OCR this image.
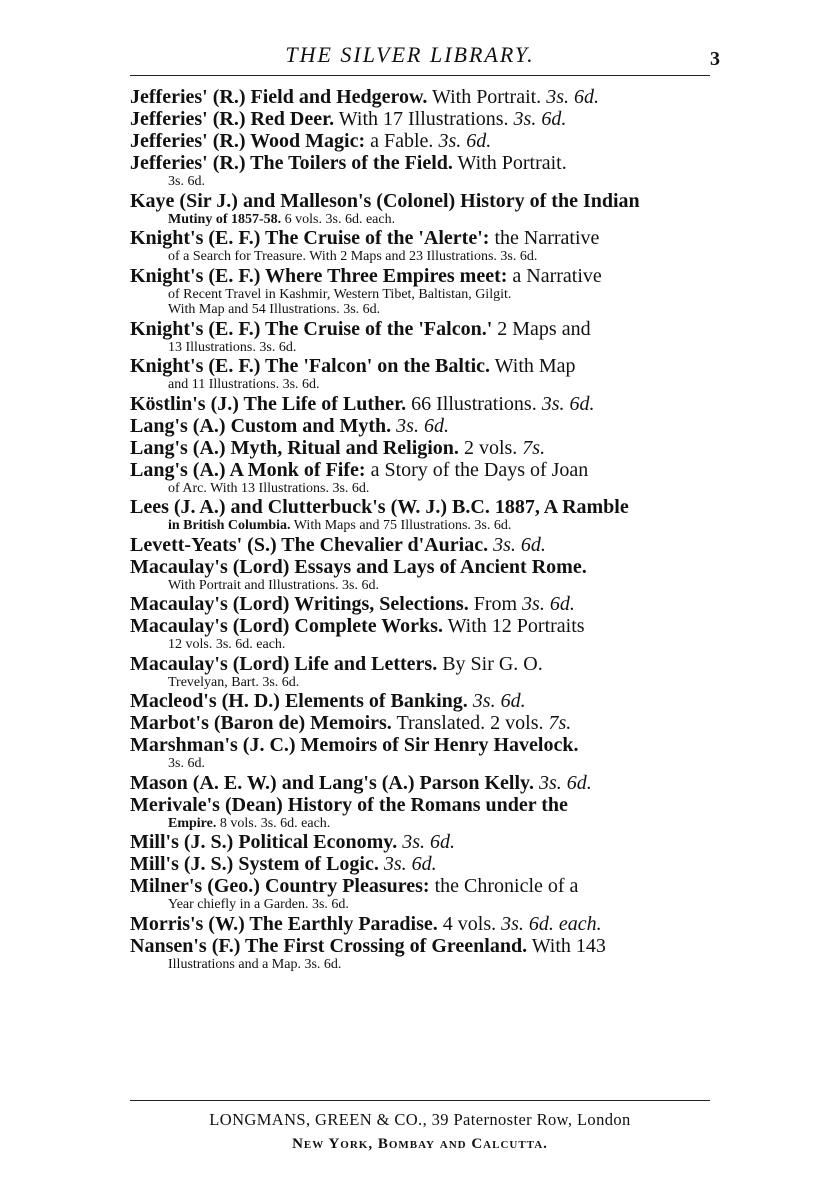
THE SILVER LIBRARY.	3
Jefferies' (R.) Field and Hedgerow. With Portrait. 3s. 6d.
Jefferies' (R.) Red Deer. With 17 Illustrations. 3s. 6d.
Jefferies' (R.) Wood Magic: a Fable. 3s. 6d.
Jefferies' (R.) The Toilers of the Field. With Portrait.
3s. 6d.
Kaye (Sir J.) and Malleson's (Colonel) History of the Indian
Mutiny of 1857-58. 6 vols. 3s. 6d. each.
Knight's (E. F.) The Cruise of the 'Alerte': the Narrative
of a Search for Treasure. With 2 Maps and 23 Illustrations. 3s. 6d.
Knight's (E. F.) Where Three Empires meet: a Narrative
of Recent Travel in Kashmir, Western Tibet, Baltistan, Gilgit.
With Map and 54 Illustrations. 3s. 6d.
Knight's (E. F.) The Cruise of the 'Falcon.' 2 Maps and
13 Illustrations. 3s. 6d.
Knight's (E. F.) The 'Falcon' on the Baltic. With Map
and 11 Illustrations. 3s. 6d.
Köstlin's (J.) The Life of Luther. 66 Illustrations. 3s. 6d.
Lang's (A.) Custom and Myth. 3s. 6d.
Lang's (A.) Myth, Ritual and Religion. 2 vols. 7s.
Lang's (A.) A Monk of Fife: a Story of the Days of Joan
of Arc. With 13 Illustrations. 3s. 6d.
Lees (J. A.) and Clutterbuck's (W. J.) B.C. 1887, A Ramble
in British Columbia. With Maps and 75 Illustrations. 3s. 6d.
Levett-Yeats' (S.) The Chevalier d'Auriac. 3s. 6d.
Macaulay's (Lord) Essays and Lays of Ancient Rome.
With Portrait and Illustrations. 3s. 6d.
Macaulay's (Lord) Writings, Selections. From 3s. 6d.
Macaulay's (Lord) Complete Works. With 12 Portraits
12 vols. 3s. 6d. each.
Macaulay's (Lord) Life and Letters. By Sir G. O.
Trevelyan, Bart. 3s. 6d.
Macleod's (H. D.) Elements of Banking. 3s. 6d.
Marbot's (Baron de) Memoirs. Translated. 2 vols. 7s.
Marshman's (J. C.) Memoirs of Sir Henry Havelock.
3s. 6d.
Mason (A. E. W.) and Lang's (A.) Parson Kelly. 3s. 6d.
Merivale's (Dean) History of the Romans under the
Empire. 8 vols. 3s. 6d. each.
Mill's (J. S.) Political Economy. 3s. 6d.
Mill's (J. S.) System of Logic. 3s. 6d.
Milner's (Geo.) Country Pleasures: the Chronicle of a
Year chiefly in a Garden. 3s. 6d.
Morris's (W.) The Earthly Paradise. 4 vols. 3s. 6d. each.
Nansen's (F.) The First Crossing of Greenland. With 143
Illustrations and a Map. 3s. 6d.
LONGMANS, GREEN & CO., 39 Paternoster Row, London
New York, Bombay and Calcutta.
